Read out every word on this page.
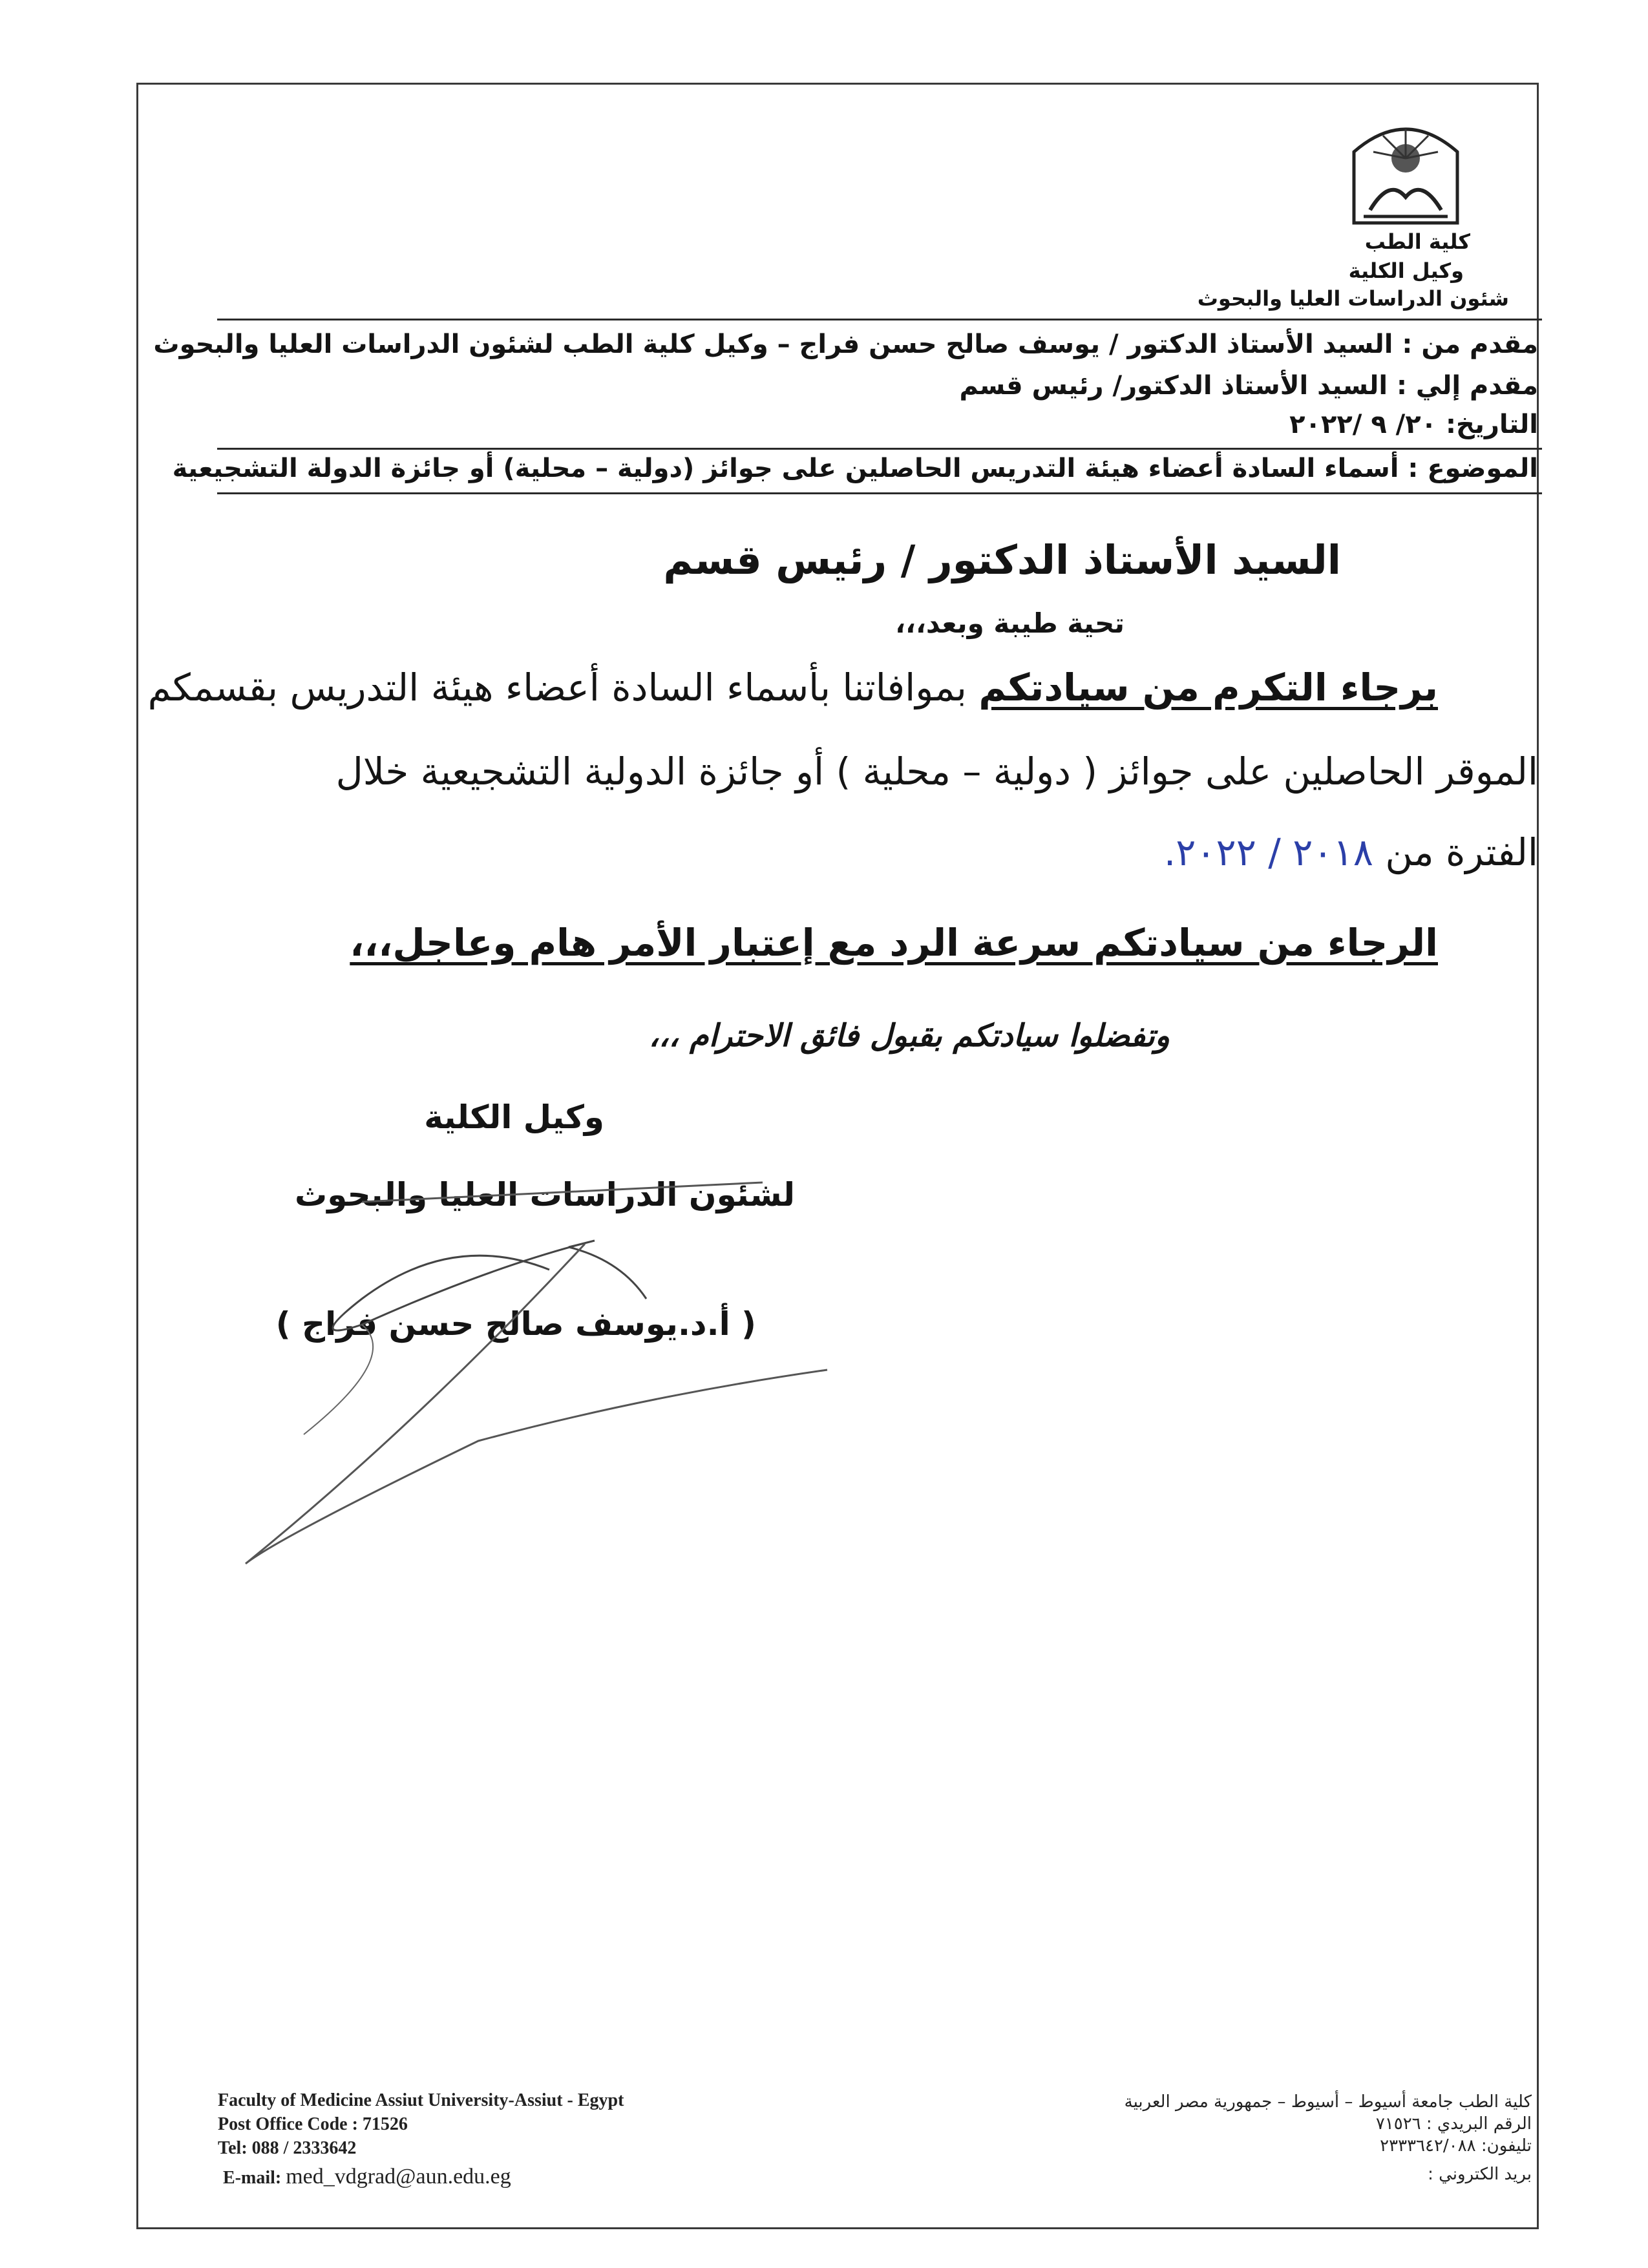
كلية الطب
وكيل الكلية
شئون الدراسات العليا والبحوث
مقدم من : السيد الأستاذ الدكتور / يوسف صالح حسن فراج – وكيل كلية الطب لشئون الدراسات العليا والبحوث
مقدم إلي : السيد الأستاذ الدكتور/ رئيس قسم
التاريخ: ٢٠/ ٩ /٢٠٢٢
الموضوع : أسماء السادة أعضاء هيئة التدريس الحاصلين على جوائز (دولية – محلية) أو جائزة الدولة التشجيعية
السيد الأستاذ الدكتور / رئيس قسم
تحية طيبة وبعد،،،
برجاء التكرم من سيادتكم بموافاتنا بأسماء السادة أعضاء هيئة التدريس بقسمكم
الموقر الحاصلين على جوائز ( دولية – محلية ) أو جائزة الدولية التشجيعية خلال
الفترة من ٢٠١٨ / ٢٠٢٢.
الرجاء من سيادتكم سرعة الرد مع إعتبار الأمر هام وعاجل،،،
وتفضلوا سيادتكم بقبول فائق الاحترام ،،،
وكيل الكلية
لشئون الدراسات العليا والبحوث
( أ.د.يوسف صالح حسن فراج )
Faculty of Medicine Assiut University-Assiut - Egypt
Post Office Code : 71526
Tel: 088 / 2333642
E-mail: med_vdgrad@aun.edu.eg
كلية الطب جامعة أسيوط – أسيوط – جمهورية مصر العربية
الرقم البريدي : ٧١٥٢٦
تليفون: ٢٣٣٣٦٤٢/٠٨٨
بريد الكتروني :
